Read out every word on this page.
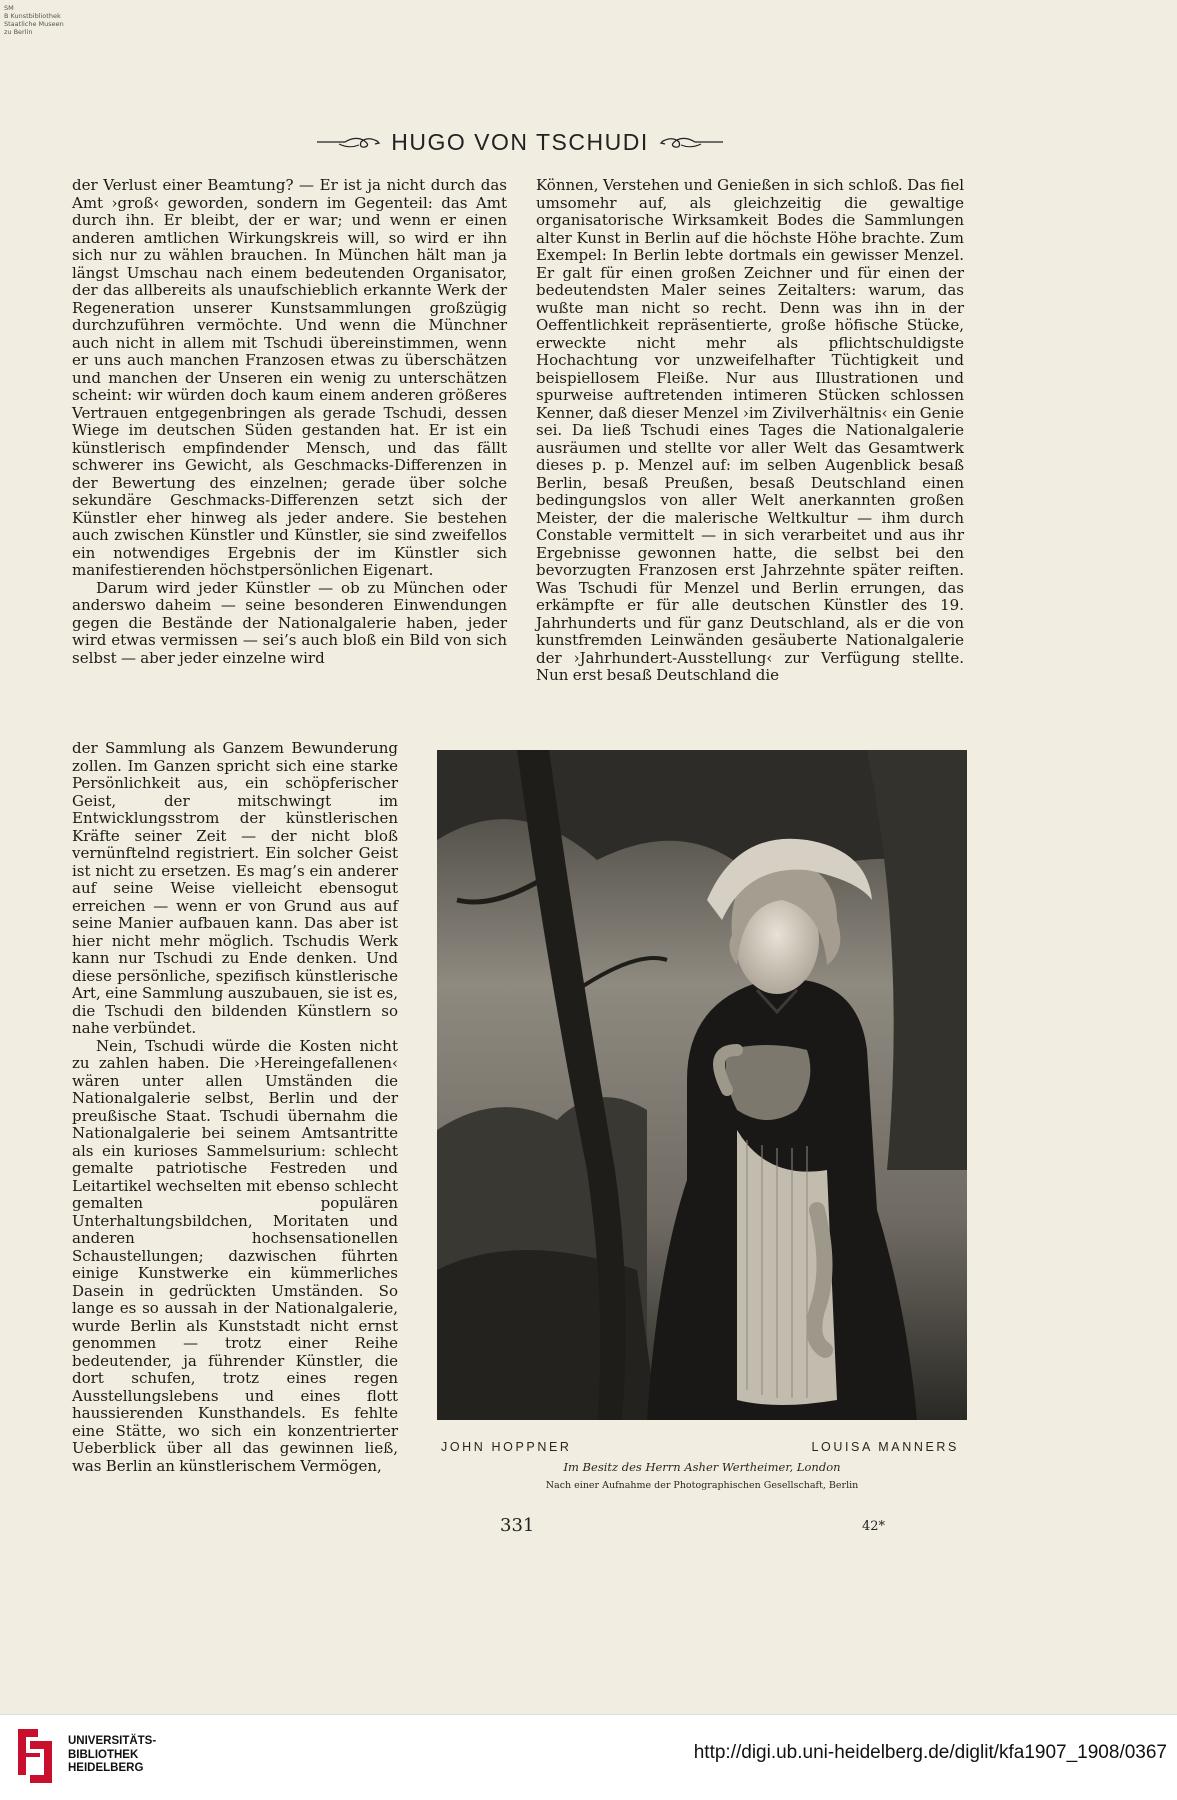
SM
B Kunstbibliothek
Staatliche Museen
zu Berlin
HUGO VON TSCHUDI

der Verlust einer Beamtung? — Er ist ja nicht durch das Amt ›groß‹ geworden, sondern im Gegenteil: das Amt durch ihn. Er bleibt, der er war; und wenn er einen anderen amtlichen Wirkungskreis will, so wird er ihn sich nur zu wählen brauchen. In München hält man ja längst Umschau nach einem bedeutenden Organisator, der das allbereits als unaufschieblich erkannte Werk der Regeneration unserer Kunstsammlungen großzügig durchzuführen vermöchte. Und wenn die Münchner auch nicht in allem mit Tschudi übereinstimmen, wenn er uns auch manchen Franzosen etwas zu überschätzen und manchen der Unseren ein wenig zu unterschätzen scheint: wir würden doch kaum einem anderen größeres Vertrauen entgegenbringen als gerade Tschudi, dessen Wiege im deutschen Süden gestanden hat. Er ist ein künstlerisch empfindender Mensch, und das fällt schwerer ins Gewicht, als Geschmacks-Differenzen in der Bewertung des einzelnen; gerade über solche sekundäre Geschmacks-Differenzen setzt sich der Künstler eher hinweg als jeder andere. Sie bestehen auch zwischen Künstler und Künstler, sie sind zweifellos ein notwendiges Ergebnis der im Künstler sich manifestierenden höchstpersönlichen Eigenart.

Darum wird jeder Künstler — ob zu München oder anderswo daheim — seine besonderen Einwendungen gegen die Bestände der Nationalgalerie haben, jeder wird etwas vermissen — sei’s auch bloß ein Bild von sich selbst — aber jeder einzelne wird

der Sammlung als Ganzem Bewunderung zollen. Im Ganzen spricht sich eine starke Persönlichkeit aus, ein schöpferischer Geist, der mitschwingt im Entwicklungsstrom der künstlerischen Kräfte seiner Zeit — der nicht bloß vernünftelnd registriert. Ein solcher Geist ist nicht zu ersetzen. Es mag’s ein anderer auf seine Weise vielleicht ebensogut erreichen — wenn er von Grund aus auf seine Manier aufbauen kann. Das aber ist hier nicht mehr möglich. Tschudis Werk kann nur Tschudi zu Ende denken. Und diese persönliche, spezifisch künstlerische Art, eine Sammlung auszubauen, sie ist es, die Tschudi den bildenden Künstlern so nahe verbündet.

Nein, Tschudi würde die Kosten nicht zu zahlen haben. Die ›Hereingefallenen‹ wären unter allen Umständen die Nationalgalerie selbst, Berlin und der preußische Staat. Tschudi übernahm die Nationalgalerie bei seinem Amtsantritte als ein kurioses Sammelsurium: schlecht gemalte patriotische Festreden und Leitartikel wechselten mit ebenso schlecht gemalten populären Unterhaltungsbildchen, Moritaten und anderen hochsensationellen Schaustellungen; dazwischen führten einige Kunstwerke ein kümmerliches Dasein in gedrückten Umständen. So lange es so aussah in der Nationalgalerie, wurde Berlin als Kunststadt nicht ernst genommen — trotz einer Reihe bedeutender, ja führender Künstler, die dort schufen, trotz eines regen Ausstellungslebens und eines flott haussierenden Kunsthandels. Es fehlte eine Stätte, wo sich ein konzentrierter Ueberblick über all das gewinnen ließ, was Berlin an künstlerischem Vermögen,

Können, Verstehen und Genießen in sich schloß. Das fiel umsomehr auf, als gleichzeitig die gewaltige organisatorische Wirksamkeit Bodes die Sammlungen alter Kunst in Berlin auf die höchste Höhe brachte. Zum Exempel: In Berlin lebte dortmals ein gewisser Menzel. Er galt für einen großen Zeichner und für einen der bedeutendsten Maler seines Zeitalters: warum, das wußte man nicht so recht. Denn was ihn in der Oeffentlichkeit repräsentierte, große höfische Stücke, erweckte nicht mehr als pflichtschuldigste Hochachtung vor unzweifelhafter Tüchtigkeit und beispiellosem Fleiße. Nur aus Illustrationen und spurweise auftretenden intimeren Stücken schlossen Kenner, daß dieser Menzel ›im Zivilverhältnis‹ ein Genie sei. Da ließ Tschudi eines Tages die Nationalgalerie ausräumen und stellte vor aller Welt das Gesamtwerk dieses p. p. Menzel auf: im selben Augenblick besaß Berlin, besaß Preußen, besaß Deutschland einen bedingungslos von aller Welt anerkannten großen Meister, der die malerische Weltkultur — ihm durch Constable vermittelt — in sich verarbeitet und aus ihr Ergebnisse gewonnen hatte, die selbst bei den bevorzugten Franzosen erst Jahrzehnte später reiften. Was Tschudi für Menzel und Berlin errungen, das erkämpfte er für alle deutschen Künstler des 19. Jahrhunderts und für ganz Deutschland, als er die von kunstfremden Leinwänden gesäuberte Nationalgalerie der ›Jahrhundert-Ausstellung‹ zur Verfügung stellte. Nun erst besaß Deutschland die

JOHN HOPPNER	LOUISA MANNERS
Im Besitz des Herrn Asher Wertheimer, London
Nach einer Aufnahme der Photographischen Gesellschaft, Berlin
331	42*
UNIVERSITÄTS-
BIBLIOTHEK
HEIDELBERG
http://digi.ub.uni-heidelberg.de/diglit/kfa1907_1908/0367
